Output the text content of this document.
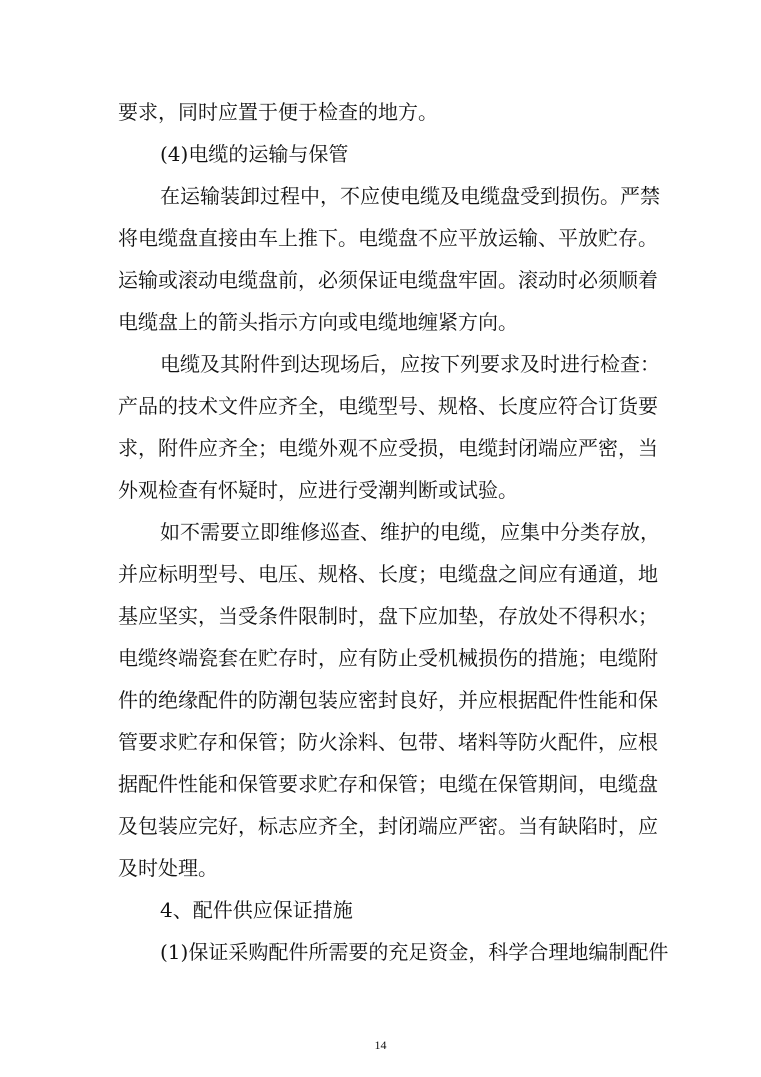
要求，同时应置于便于检查的地方。
(4)电缆的运输与保管
在运输装卸过程中，不应使电缆及电缆盘受到损伤。严禁
将电缆盘直接由车上推下。电缆盘不应平放运输、平放贮存。
运输或滚动电缆盘前，必须保证电缆盘牢固。滚动时必须顺着
电缆盘上的箭头指示方向或电缆地缠紧方向。
电缆及其附件到达现场后，应按下列要求及时进行检查：
产品的技术文件应齐全，电缆型号、规格、长度应符合订货要
求，附件应齐全；电缆外观不应受损，电缆封闭端应严密，当
外观检查有怀疑时，应进行受潮判断或试验。
如不需要立即维修巡查、维护的电缆，应集中分类存放，
并应标明型号、电压、规格、长度；电缆盘之间应有通道，地
基应坚实，当受条件限制时，盘下应加垫，存放处不得积水；
电缆终端瓷套在贮存时，应有防止受机械损伤的措施；电缆附
件的绝缘配件的防潮包装应密封良好，并应根据配件性能和保
管要求贮存和保管；防火涂料、包带、堵料等防火配件，应根
据配件性能和保管要求贮存和保管；电缆在保管期间，电缆盘
及包装应完好，标志应齐全，封闭端应严密。当有缺陷时，应
及时处理。
4、配件供应保证措施
(1)保证采购配件所需要的充足资金，科学合理地编制配件
14
